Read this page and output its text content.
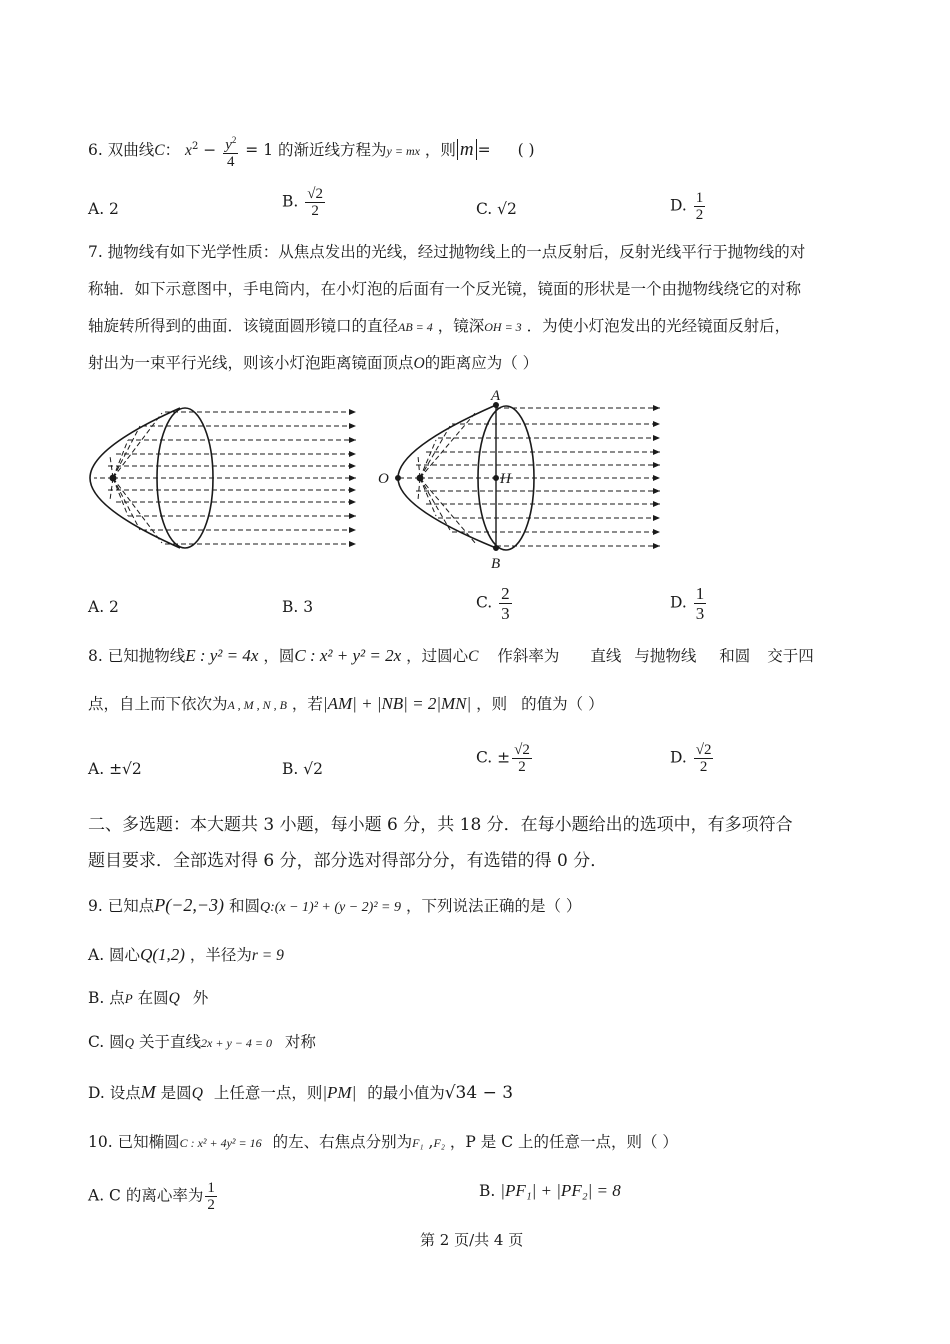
6. 双曲线C： $x^2 - \frac{y^2}{4} = 1$ 的渐近线方程为y = mx ，则 m = ( )
A. 2	B. $\frac{√2}{2}$	C. √2	D. $\frac{1}{2}$
7. 抛物线有如下光学性质：从焦点发出的光线，经过抛物线上的一点反射后，反射光线平行于抛物线的对
称轴．如下示意图中，手电筒内，在小灯泡的后面有一个反光镜，镜面的形状是一个由抛物线绕它的对称
轴旋转所得到的曲面．该镜面圆形镜口的直径AB = 4 ，镜深OH = 3 ．为使小灯泡发出的光经镜面反射后，
射出为一束平行光线，则该小灯泡距离镜面顶点O的距离应为（ ）
A
B
O	H
A. 2	B. 3	C. $\frac{2}{3}$	D. $\frac{1}{3}$
8. 已知抛物线E : y² = 4x ，圆C : x² + y² = 2x ，过圆心C 作斜率为 直线 与抛物线 和圆 交于四
点，自上而下依次为A , M , N , B ，若|AM| + |NB| = 2|MN| ，则 的值为（ ）
A. ±√2	B. √2
C. ± $\frac{√2}{2}$	D. $\frac{√2}{2}$
二、多选题：本大题共 3 小题，每小题 6 分，共 18 分．在每小题给出的选项中，有多项符合
题目要求．全部选对得 6 分，部分选对得部分分，有选错的得 0 分．
9. 已知点P(−2,−3) 和圆Q:(x − 1)² + (y − 2)² = 9 ，下列说法正确的是（ ）
A. 圆心Q(1,2) ，半径为r = 9
B. 点P 在圆Q 外
C. 圆Q 关于直线2x + y − 4 = 0 对称
D. 设点M 是圆Q 上任意一点，则|PM| 的最小值为√34 − 3
10. 已知椭圆C : x² + 4y² = 16 的左、右焦点分别为F₁ ,F₂ ，P 是 C 上的任意一点，则（ ）
A. C 的离心率为 $\frac{1}{2}$	B. |PF₁| + |PF₂| = 8
第 2 页/共 4 页
